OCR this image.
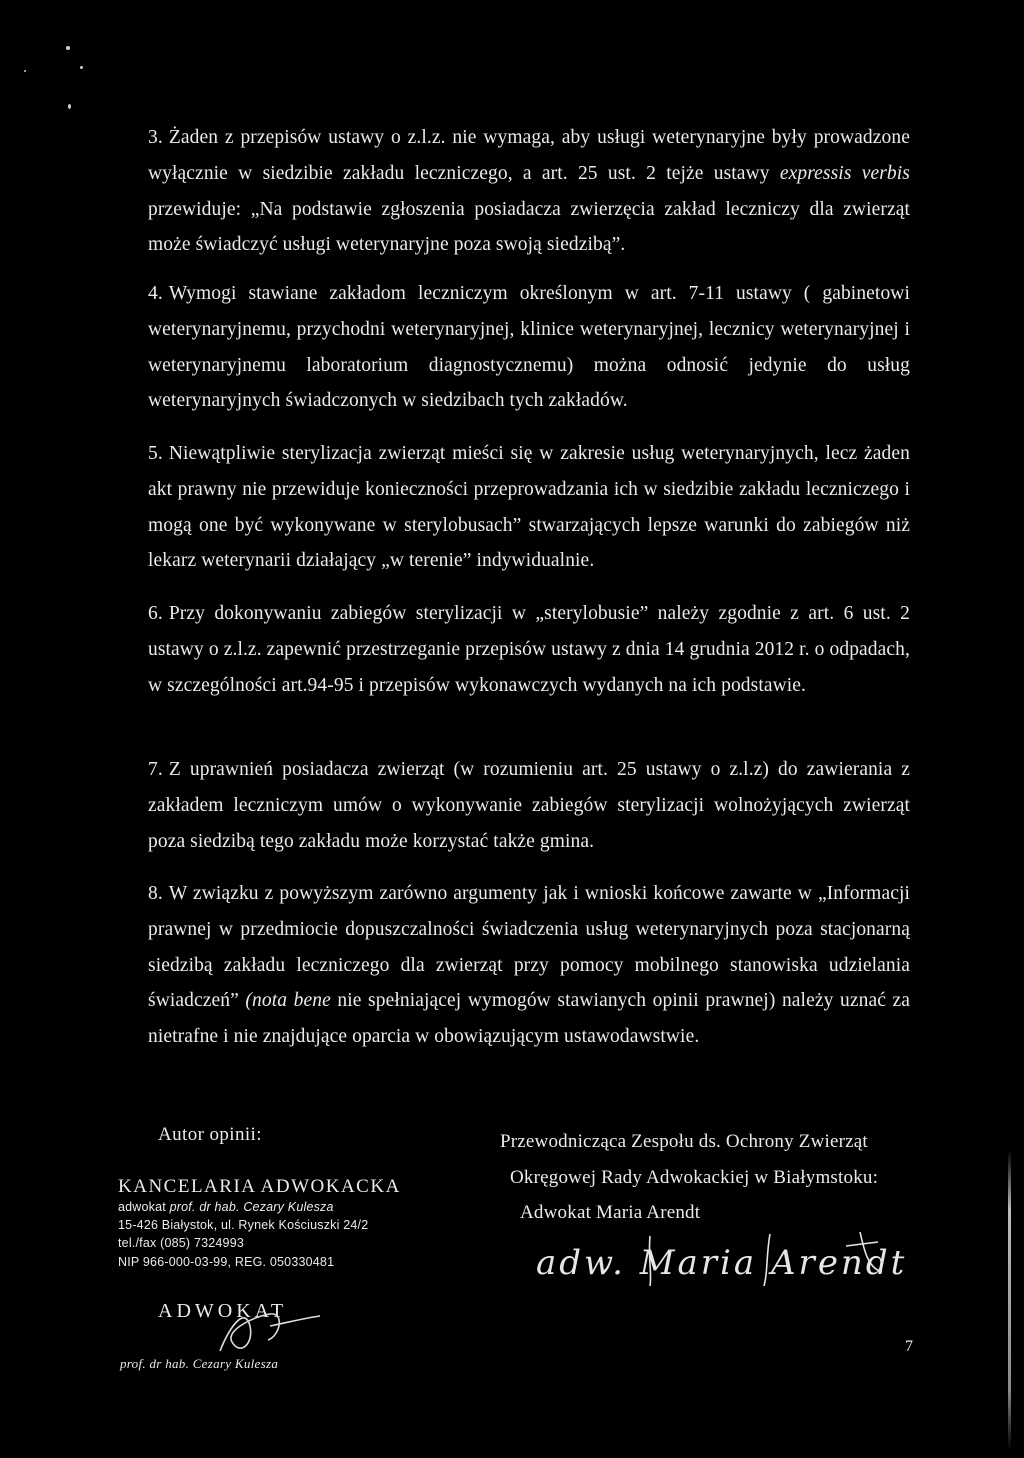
3. Żaden z przepisów ustawy o z.l.z. nie wymaga, aby usługi weterynaryjne były prowadzone wyłącznie w siedzibie zakładu leczniczego, a art. 25 ust. 2 tejże ustawy expressis verbis przewiduje: „Na podstawie zgłoszenia posiadacza zwierzęcia zakład leczniczy dla zwierząt może świadczyć usługi weterynaryjne poza swoją siedzibą”.

4. Wymogi stawiane zakładom leczniczym określonym w art. 7-11 ustawy ( gabinetowi weterynaryjnemu, przychodni weterynaryjnej, klinice weterynaryjnej, lecznicy weterynaryjnej i weterynaryjnemu laboratorium diagnostycznemu) można odnosić jedynie do usług weterynaryjnych świadczonych w siedzibach tych zakładów.

5. Niewątpliwie sterylizacja zwierząt mieści się w zakresie usług weterynaryjnych, lecz żaden akt prawny nie przewiduje konieczności przeprowadzania ich w siedzibie zakładu leczniczego i mogą one być wykonywane w sterylobusach” stwarzających lepsze warunki do zabiegów niż lekarz weterynarii działający „w terenie” indywidualnie.

6. Przy dokonywaniu zabiegów sterylizacji w „sterylobusie” należy zgodnie z art. 6 ust. 2 ustawy o z.l.z. zapewnić przestrzeganie przepisów ustawy z dnia 14 grudnia 2012 r. o odpadach, w szczególności art.94-95 i przepisów wykonawczych wydanych na ich podstawie.

7. Z uprawnień posiadacza zwierząt (w rozumieniu art. 25 ustawy o z.l.z) do zawierania z zakładem leczniczym umów o wykonywanie zabiegów sterylizacji wolnożyjących zwierząt poza siedzibą tego zakładu może korzystać także gmina.

8. W związku z powyższym zarówno argumenty jak i wnioski końcowe zawarte w „Informacji prawnej w przedmiocie dopuszczalności świadczenia usług weterynaryjnych poza stacjonarną siedzibą zakładu leczniczego dla zwierząt przy pomocy mobilnego stanowiska udzielania świadczeń” (nota bene nie spełniającej wymogów stawianych opinii prawnej) należy uznać za nietrafne i nie znajdujące oparcia w obowiązującym ustawodawstwie.

Autor opinii:
KANCELARIA ADWOKACKA
adwokat prof. dr hab. Cezary Kulesza
15-426 Białystok, ul. Rynek Kościuszki 24/2
tel./fax (085) 7324993
NIP 966-000-03-99, REG. 050330481
ADWOKAT
prof. dr hab. Cezary Kulesza
Przewodnicząca Zespołu ds. Ochrony Zwierząt
Okręgowej Rady Adwokackiej w Białymstoku:
Adwokat Maria Arendt
adw. Maria Arendt
7
